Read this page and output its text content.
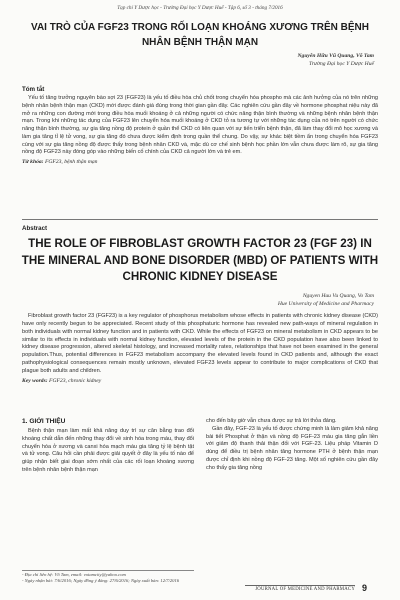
Tạp chí Y Dược học - Trường Đại học Y Dược Huế - Tập 6, số 3 - tháng 7/2016
VAI TRÒ CỦA FGF23 TRONG RỐI LOẠN KHOÁNG XƯƠNG TRÊN BỆNH NHÂN BỆNH THẬN MẠN
Nguyễn Hữu Vũ Quang, Võ Tam
Trường Đại học Y Dược Huế
Tóm tắt
Yếu tố tăng trưởng nguyên bào sợi 23 (FGF23) là yếu tố điều hòa chủ chốt trong chuyển hóa phospho mà các ảnh hưởng của nó trên những bệnh nhân bệnh thận mạn (CKD) mới được đánh giá đúng trong thời gian gần đây. Các nghiên cứu gần đây về hormone phosphat niệu này đã mở ra những con đường mới trong điều hòa muối khoáng ở cả những người có chức năng thận bình thường và những bệnh nhân bệnh thận mạn. Trong khi những tác dụng của FGF23 lên chuyển hóa muối khoáng ở CKD tỏ ra tương tự với những tác dụng của nó trên người có chức năng thận bình thường, sự gia tăng nồng độ protein ở quần thể CKD có liên quan với sự tiến triển bệnh thận, đã làm thay đổi mô học xương và làm gia tăng tỉ lệ tử vong, sự gia tăng đó chưa được kiểm định trong quần thể chung. Do vậy, sự khác biệt tiềm ẩn trong chuyển hóa FGF23 cùng với sự gia tăng nồng độ được thấy trong bệnh nhân CKD và, mặc dù cơ chế sinh bệnh học phần lớn vẫn chưa được làm rõ, sự gia tăng nồng độ FGF23 này đóng góp vào những biến cố chính của CKD cả người lớn và trẻ em.
Từ khóa: FGF23, bệnh thận mạn
Abstract
THE ROLE OF FIBROBLAST GROWTH FACTOR 23 (FGF 23) IN THE MINERAL AND BONE DISORDER (MBD) OF PATIENTS WITH CHRONIC KIDNEY DISEASE
Nguyen Huu Vu Quang, Vo Tam
Hue University of Medicine and Pharmacy
Fibroblast growth factor 23 (FGF23) is a key regulator of phosphorus metabolism whose effects in patients with chronic kidney disease (CKD) have only recently begun to be appreciated. Recent study of this phosphaturic hormone has revealed new path-ways of mineral regulation in both individuals with normal kidney function and in patients with CKD. While the effects of FGF23 on mineral metabolism in CKD appears to be similar to its effects in individuals with normal kidney function, elevated levels of the protein in the CKD population have also been linked to kidney disease progression, altered skeletal histology, and increased mortality rates, relationships that have not been examined in the general population.Thus, potential differences in FGF23 metabolism accompany the elevated levels found in CKD patients and, although the exact pathophysiological consequences remain mostly unknown, elevated FGF23 levels appear to contribute to major complications of CKD that plague both adults and children.
Key words: FGF23, chronic kidney
1. GIỚI THIỆU
Bệnh thận mạn làm mất khả năng duy trì sự cân bằng trao đổi khoáng chất dẫn đến những thay đổi về sinh hóa trong máu, thay đổi chuyển hóa ở xương và canxi hóa mạch máu gia tăng tỷ lệ bệnh tật và tử vong. Câu hỏi cần phải được giải quyết ở đây là yếu tố nào để giúp nhận biết giai đoạn sớm nhất của các rối loạn khoáng xương trên bệnh nhân bệnh thận mạn
cho đến bây giờ vẫn chưa được sự trả lời thỏa đáng.
Gần đây, FGF-23 là yếu tố được chứng minh là làm giảm khả năng bài tiết Phosphat ở thận và nồng độ FGF-23 máu gia tăng gắn liền với giảm độ thanh thải thận đối với FGF-23. Liệu pháp Vitamin D dùng để điều trị bệnh nhân tăng hormone PTH ở bệnh thận mạn được chỉ định khi nồng độ FGF-23 tăng. Một số nghiên cứu gần đây cho thấy gia tăng nồng
- Địa chỉ liên hệ: Võ Tam, email: votamcity@yahoo.com
- Ngày nhận bài: 7/6/2016; Ngày đồng ý đăng: 27/6/2016; Ngày xuất bản: 12/7/2016
JOURNAL OF MEDICINE AND PHARMACY 9
